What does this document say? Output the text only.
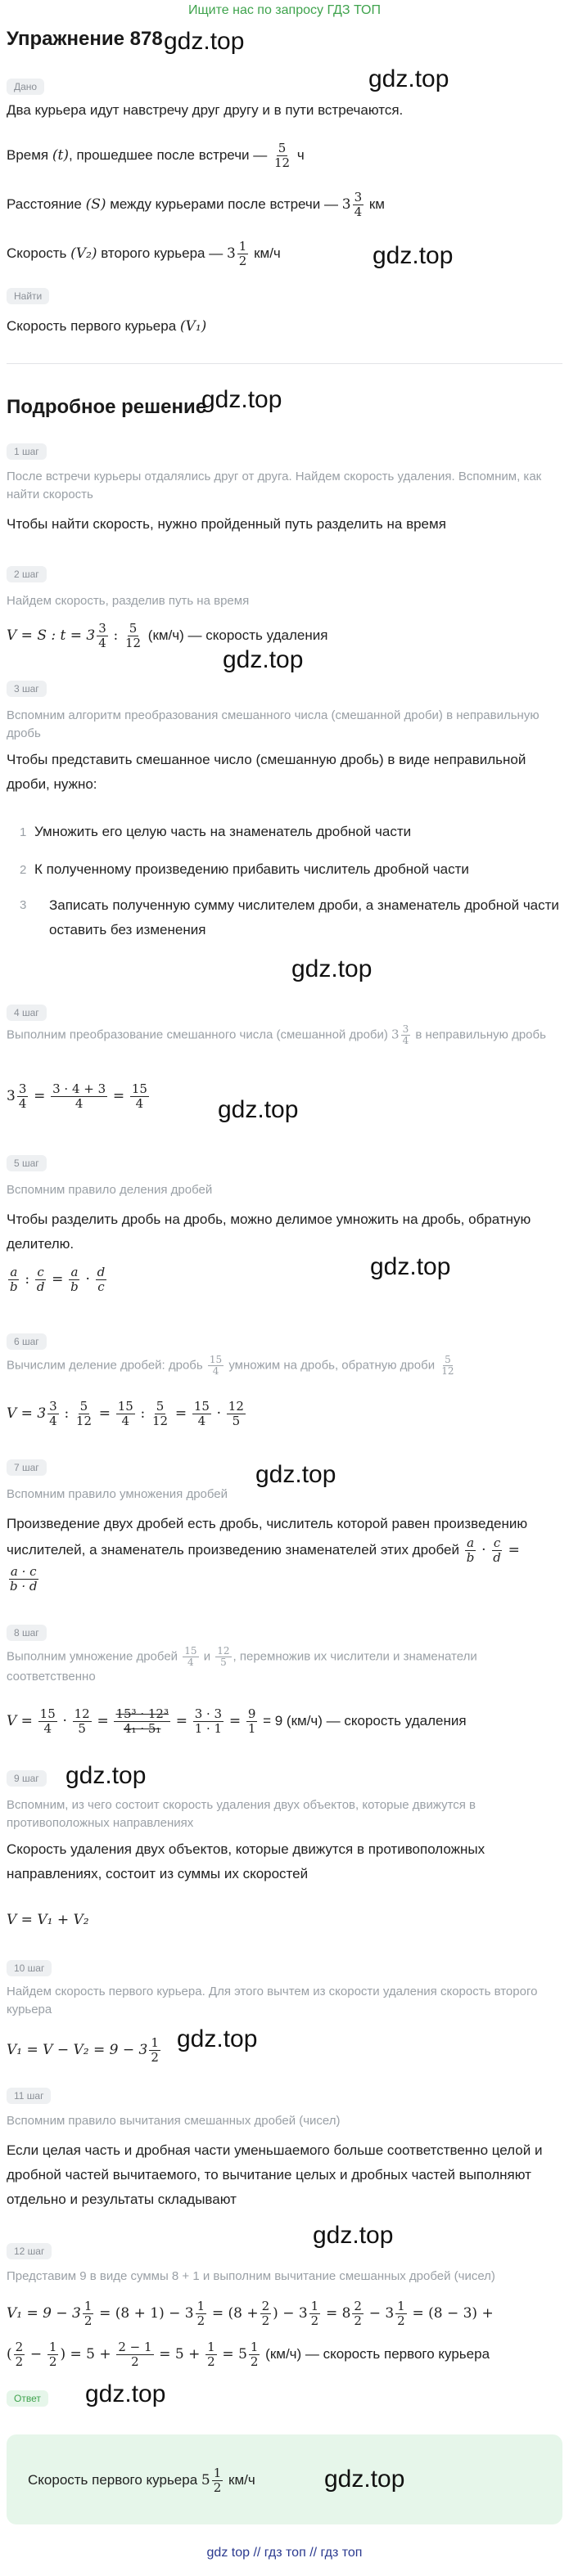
Ищите нас по запросу ГДЗ ТОП
Упражнение 878 gdz.top
Дано	gdz.top
Два курьера идут навстречу друг другу и в пути встречаются.
Время (t), прошедшее после встречи — $\frac{5}{12}$ ч
Расстояние (S) между курьерами после встречи — $3 \frac{3}{4}$ км
Скорость (V₂) второго курьера — $3 \frac{1}{2} км/ч$	gdz.top
Найти
Скорость первого курьера (V₁)
Подробное решение
gdz.top
1 шаг
После встречи курьеры отдалялись друг от друга. Найдем скорость удаления. Вспомним, как найти скорость
Чтобы найти скорость, нужно пройденный путь разделить на время
2 шаг
Найдем скорость, разделив путь на время
V = S : $t = 3 \frac{3}{4}$ : $\frac{5}{12} (км/ч)$ — скорость удаления
gdz.top
3 шаг
Вспомним алгоритм преобразования смешанного числа (смешанной дроби) в неправильную дробь
Чтобы представить смешанное число (смешанную дробь) в виде неправильной дроби, нужно:
1 Умножить его целую часть на знаменатель дробной части
2 К полученному произведению прибавить числитель дробной части
3	Записать полученную сумму числителем дроби, а знаменатель дробной части оставить без изменения
gdz.top
4 шаг
Выполним преобразование смешанного числа (смешанной дроби) $3 \frac{3}{4}$ в неправильную дробь
$3 \frac{3}{4} = \frac{3 \cdot 4 + 3}{4} = \frac{15}{4}$	gdz.top
5 шаг
Вспомним правило деления дробей
Чтобы разделить дробь на дробь, можно делимое умножить на дробь, обратную делителю.
$\frac{a}{b}$ : $\frac{c}{d} = \frac{a}{b} \cdot \frac{d}{c}$	gdz.top
6 шаг
Вычислим деление дробей: дробь $\frac{15}{4}$ умножим на дробь, обратную дроби $\frac{5}{12}$
$V = 3 \frac{3}{4}$ : $\frac{5}{12} = \frac{15}{4}$ : $\frac{5}{12} = \frac{15}{4} \cdot \frac{12}{5}$
7 шаг	gdz.top
Вспомним правило умножения дробей
Произведение двух дробей есть дробь, числитель которой равен произведению числителей, а знаменатель произведению знаменателей этих дробей $\frac{a}{b} \cdot \frac{c}{d}$ =
$\frac{a \cdot c}{b \cdot d}$
8 шаг
Выполним умножение дробей $\frac{15}{4}$ и $\frac{12}{5}$ , перемножив их числители и знаменатели соответственно
$V = \frac{15}{4} \cdot \frac{12}{5} = \frac{\text{15³ · 12³}}{\text{4₁ · 5₁}} = \frac{3 \cdot 3}{1 \cdot 1} = \frac{9}{1} = 9$ (км/ч) — скорость удаления
9 шаг	gdz.top
Вспомним, из чего состоит скорость удаления двух объектов, которые движутся в противоположных направлениях
Скорость удаления двух объектов, которые движутся в противоположных направлениях, состоит из суммы их скоростей
V = V₁ + V₂
10 шаг
Найдем скорость первого курьера. Для этого вычтем из скорости удаления скорость второго курьера
$V_1 = V - V_2 = 9 - 3 \frac{1}{2} gdz.top$
11 шаг
Вспомним правило вычитания смешанных дробей (чисел)
Если целая часть и дробная части уменьшаемого больше соответственно целой и дробной частей вычитаемого, то вычитание целых и дробных частей выполняют отдельно и результаты складывают
gdz.top
12 шаг
Представим 9 в виде суммы 8 + 1 и выполним вычитание смешанных дробей (чисел)
$V_1 = 9 - 3 \frac{1}{2} = (8 + 1) - 3 \frac{1}{2} = (8 + \frac{2}{2}$ ) − $3 \frac{1}{2} = 8 \frac{2}{2} - 3 \frac{1}{2} = (8 - 3)$ +
( $\frac{2}{2} - \frac{1}{2}$ ) = $5 + \frac{2 - 1}{2} = 5 + \frac{1}{2} = 5 \frac{1}{2} (км/ч)$ — скорость первого курьера
Ответ	gdz.top
Скорость первого курьера $5 \frac{1}{2} км/ч$	gdz.top
gdz top // гдз топ // гдз топ
